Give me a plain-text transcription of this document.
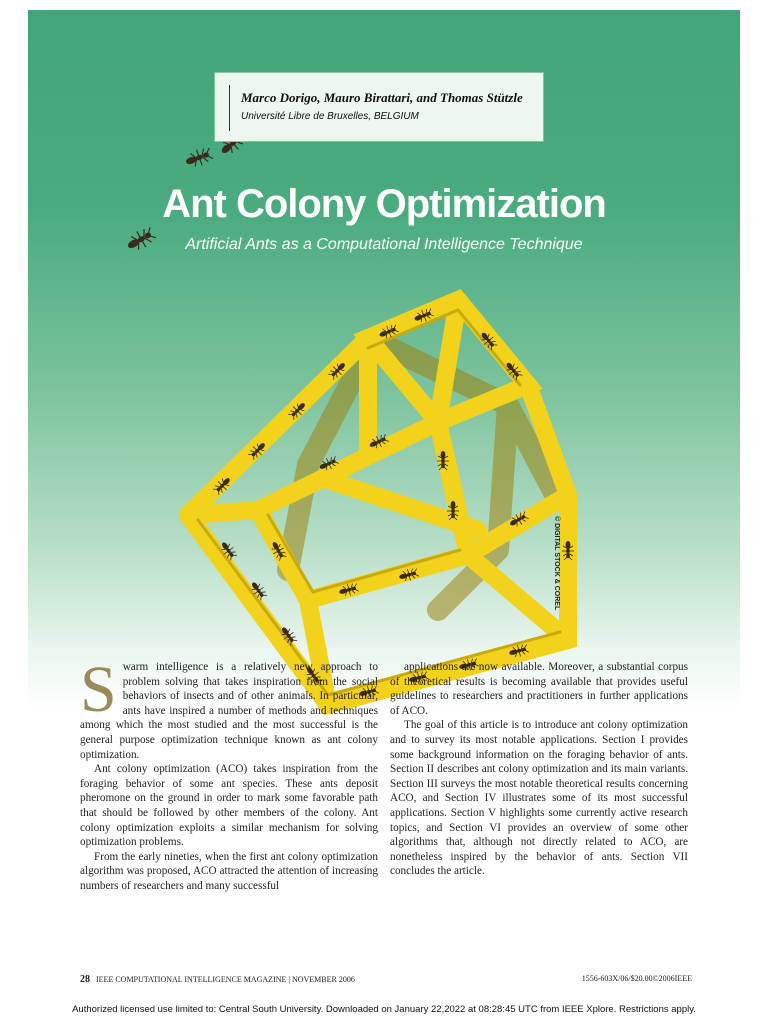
Marco Dorigo, Mauro Birattari, and Thomas Stützle
Université Libre de Bruxelles, BELGIUM
Ant Colony Optimization
Artificial Ants as a Computational Intelligence Technique
© DIGITAL STOCK & COREL
S warm intelligence is a relatively new approach to problem solving that takes inspiration from the social behaviors of insects and of other animals. In particular, ants have inspired a number of methods and techniques among which the most studied and the most successful is the general purpose optimization technique known as ant colony optimization.

Ant colony optimization (ACO) takes inspiration from the foraging behavior of some ant species. These ants deposit pheromone on the ground in order to mark some favorable path that should be followed by other members of the colony. Ant colony optimization exploits a similar mechanism for solving optimization problems.

From the early nineties, when the first ant colony optimization algorithm was proposed, ACO attracted the attention of increasing numbers of researchers and many successful

applications are now available. Moreover, a substantial corpus of theoretical results is becoming available that provides useful guidelines to researchers and practitioners in further applications of ACO.

The goal of this article is to introduce ant colony optimization and to survey its most notable applications. Section I provides some background information on the foraging behavior of ants. Section II describes ant colony optimization and its main variants. Section III surveys the most notable theoretical results concerning ACO, and Section IV illustrates some of its most successful applications. Section V highlights some currently active research topics, and Section VI provides an overview of some other algorithms that, although not directly related to ACO, are nonetheless inspired by the behavior of ants. Section VII concludes the article.

28 IEEE COMPUTATIONAL INTELLIGENCE MAGAZINE | NOVEMBER 2006	1556-603X/06/$20.00©2006IEEE
Authorized licensed use limited to: Central South University. Downloaded on January 22,2022 at 08:28:45 UTC from IEEE Xplore. Restrictions apply.
